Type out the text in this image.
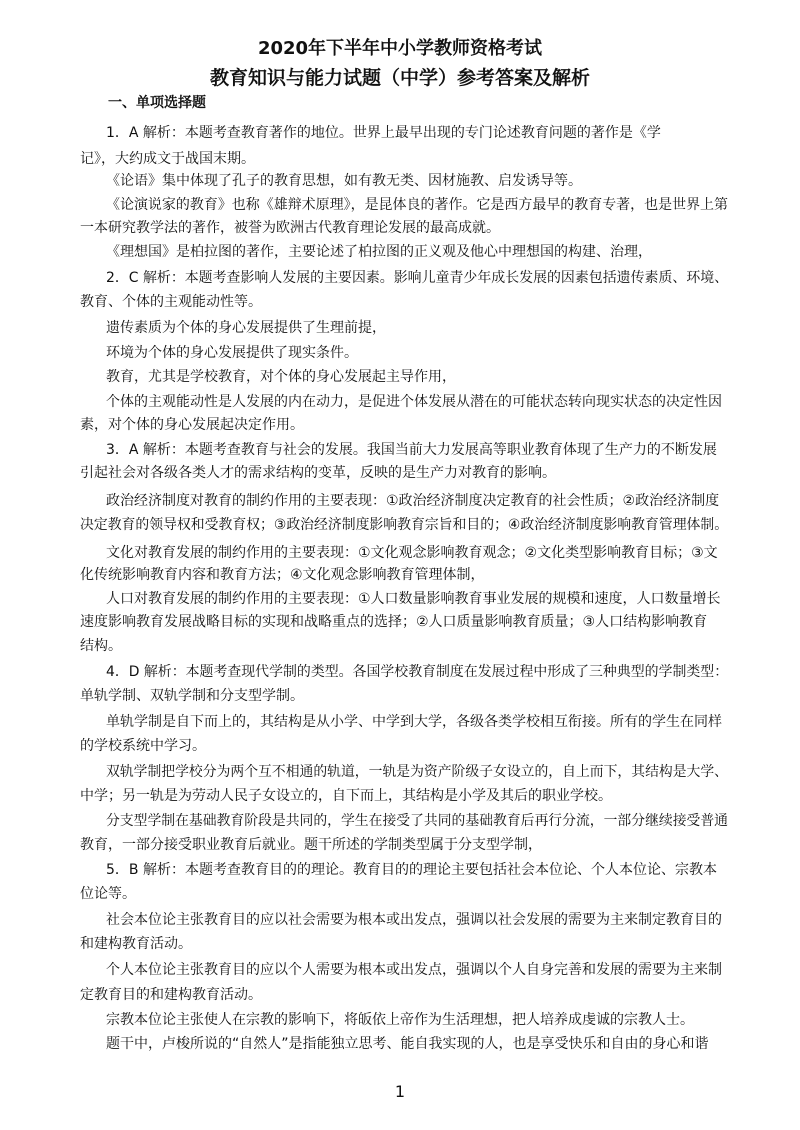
2020年下半年中小学教师资格考试
教育知识与能力试题（中学）参考答案及解析
一、单项选择题
1．A 解析：本题考查教育著作的地位。世界上最早出现的专门论述教育问题的著作是《学
记》，大约成文于战国末期。
《论语》集中体现了孔子的教育思想，如有教无类、因材施教、启发诱导等。
《论演说家的教育》也称《雄辩术原理》，是昆体良的著作。它是西方最早的教育专著，也是世界上第
一本研究教学法的著作，被誉为欧洲古代教育理论发展的最高成就。
《理想国》是柏拉图的著作，主要论述了柏拉图的正义观及他心中理想国的构建、治理，
2．C 解析：本题考查影响人发展的主要因素。影响儿童青少年成长发展的因素包括遗传素质、环境、
教育、个体的主观能动性等。
遗传素质为个体的身心发展提供了生理前提，
环境为个体的身心发展提供了现实条件。
教育，尤其是学校教育，对个体的身心发展起主导作用，
个体的主观能动性是人发展的内在动力，是促进个体发展从潜在的可能状态转向现实状态的决定性因
素，对个体的身心发展起决定作用。
3．A 解析：本题考查教育与社会的发展。我国当前大力发展高等职业教育体现了生产力的不断发展
引起社会对各级各类人才的需求结构的变革，反映的是生产力对教育的影响。
政治经济制度对教育的制约作用的主要表现：①政治经济制度决定教育的社会性质；②政治经济制度
决定教育的领导权和受教育权；③政治经济制度影响教育宗旨和目的；④政治经济制度影响教育管理体制。
文化对教育发展的制约作用的主要表现：①文化观念影响教育观念；②文化类型影响教育目标；③文
化传统影响教育内容和教育方法；④文化观念影响教育管理体制，
人口对教育发展的制约作用的主要表现：①人口数量影响教育事业发展的规模和速度，人口数量增长
速度影响教育发展战略目标的实现和战略重点的选择；②人口质量影响教育质量；③人口结构影响教育
结构。
4．D 解析：本题考查现代学制的类型。各国学校教育制度在发展过程中形成了三种典型的学制类型：
单轨学制、双轨学制和分支型学制。
单轨学制是自下而上的，其结构是从小学、中学到大学，各级各类学校相互衔接。所有的学生在同样
的学校系统中学习。
双轨学制把学校分为两个互不相通的轨道，一轨是为资产阶级子女设立的，自上而下，其结构是大学、
中学；另一轨是为劳动人民子女设立的，自下而上，其结构是小学及其后的职业学校。
分支型学制在基础教育阶段是共同的，学生在接受了共同的基础教育后再行分流，一部分继续接受普通
教育，一部分接受职业教育后就业。题干所述的学制类型属于分支型学制，
5．B 解析：本题考查教育目的的理论。教育目的的理论主要包括社会本位论、个人本位论、宗教本
位论等。
社会本位论主张教育目的应以社会需要为根本或出发点，强调以社会发展的需要为主来制定教育目的
和建构教育活动。
个人本位论主张教育目的应以个人需要为根本或出发点，强调以个人自身完善和发展的需要为主来制
定教育目的和建构教育活动。
宗教本位论主张使人在宗教的影响下，将皈依上帝作为生活理想，把人培养成虔诚的宗教人士。
题干中，卢梭所说的“自然人”是指能独立思考、能自我实现的人，也是享受快乐和自由的身心和谐
1
